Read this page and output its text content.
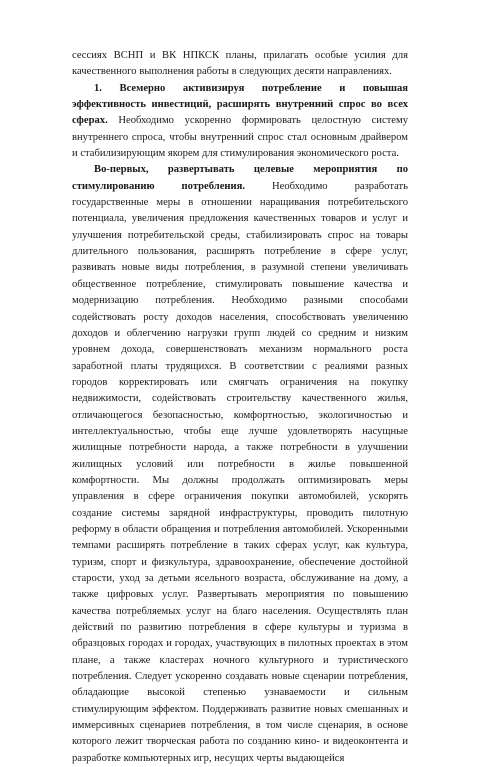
сессиях ВСНП и ВК НПКСК планы, прилагать особые усилия для качественного выполнения работы в следующих десяти направлениях.

1. Всемерно активизируя потребление и повышая эффективность инвестиций, расширять внутренний спрос во всех сферах. Необходимо ускоренно формировать целостную систему внутреннего спроса, чтобы внутренний спрос стал основным драйвером и стабилизирующим якорем для стимулирования экономического роста.

Во-первых, развертывать целевые мероприятия по стимулированию потребления. Необходимо разработать государственные меры в отношении наращивания потребительского потенциала, увеличения предложения качественных товаров и услуг и улучшения потребительской среды, стабилизировать спрос на товары длительного пользования, расширять потребление в сфере услуг, развивать новые виды потребления, в разумной степени увеличивать общественное потребление, стимулировать повышение качества и модернизацию потребления. Необходимо разными способами содействовать росту доходов населения, способствовать увеличению доходов и облегчению нагрузки групп людей со средним и низким уровнем дохода, совершенствовать механизм нормального роста заработной платы трудящихся. В соответствии с реалиями разных городов корректировать или смягчать ограничения на покупку недвижимости, содействовать строительству качественного жилья, отличающегося безопасностью, комфортностью, экологичностью и интеллектуальностью, чтобы еще лучше удовлетворять насущные жилищные потребности народа, а также потребности в улучшении жилищных условий или потребности в жилье повышенной комфортности. Мы должны продолжать оптимизировать меры управления в сфере ограничения покупки автомобилей, ускорять создание системы зарядной инфраструктуры, проводить пилотную реформу в области обращения и потребления автомобилей. Ускоренными темпами расширять потребление в таких сферах услуг, как культура, туризм, спорт и физкультура, здравоохранение, обеспечение достойной старости, уход за детьми ясельного возраста, обслуживание на дому, а также цифровых услуг. Развертывать мероприятия по повышению качества потребляемых услуг на благо населения. Осуществлять план действий по развитию потребления в сфере культуры и туризма в образцовых городах и городах, участвующих в пилотных проектах в этом плане, а также кластерах ночного культурного и туристического потребления. Следует ускоренно создавать новые сценарии потребления, обладающие высокой степенью узнаваемости и сильным стимулирующим эффектом. Поддерживать развитие новых смешанных и иммерсивных сценариев потребления, в том числе сценария, в основе которого лежит творческая работа по созданию кино- и видеоконтента и разработке компьютерных игр, несущих черты выдающейся
